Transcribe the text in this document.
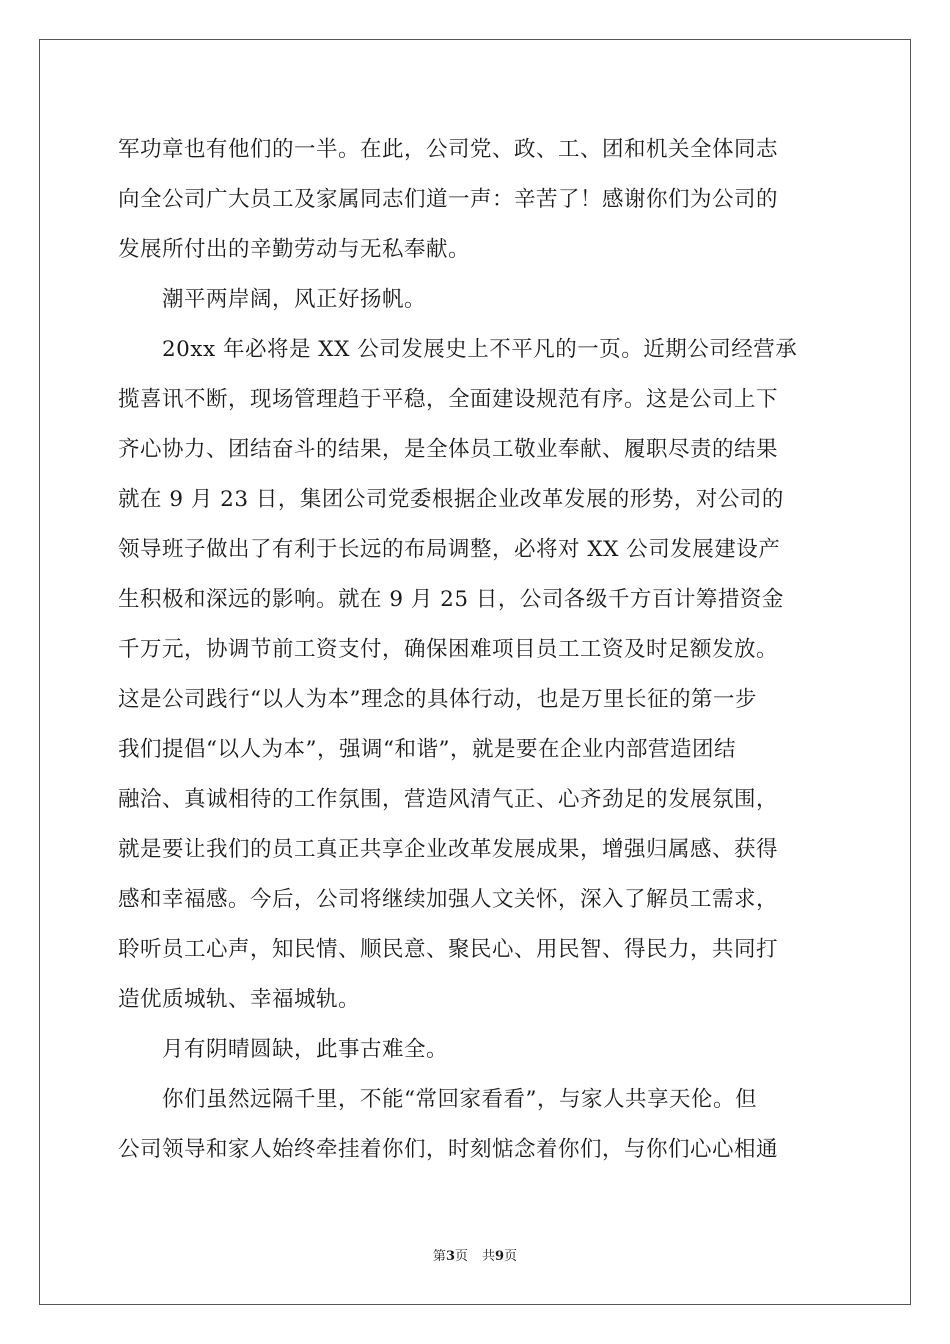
军功章也有他们的一半。在此，公司党、政、工、团和机关全体同志
向全公司广大员工及家属同志们道一声：辛苦了！感谢你们为公司的
发展所付出的辛勤劳动与无私奉献。
潮平两岸阔，风正好扬帆。
20xx 年必将是 XX 公司发展史上不平凡的一页。近期公司经营承
揽喜讯不断，现场管理趋于平稳，全面建设规范有序。这是公司上下
齐心协力、团结奋斗的结果，是全体员工敬业奉献、履职尽责的结果
就在 9 月 23 日，集团公司党委根据企业改革发展的形势，对公司的
领导班子做出了有利于长远的布局调整，必将对 XX 公司发展建设产
生积极和深远的影响。就在 9 月 25 日，公司各级千方百计筹措资金
千万元，协调节前工资支付，确保困难项目员工工资及时足额发放。
这是公司践行“以人为本”理念的具体行动，也是万里长征的第一步
我们提倡“以人为本”，强调“和谐”，就是要在企业内部营造团结
融洽、真诚相待的工作氛围，营造风清气正、心齐劲足的发展氛围，
就是要让我们的员工真正共享企业改革发展成果，增强归属感、获得
感和幸福感。今后，公司将继续加强人文关怀，深入了解员工需求，
聆听员工心声，知民情、顺民意、聚民心、用民智、得民力，共同打
造优质城轨、幸福城轨。
月有阴晴圆缺，此事古难全。
你们虽然远隔千里，不能“常回家看看”，与家人共享天伦。但
公司领导和家人始终牵挂着你们，时刻惦念着你们，与你们心心相通
第3页 共9页
